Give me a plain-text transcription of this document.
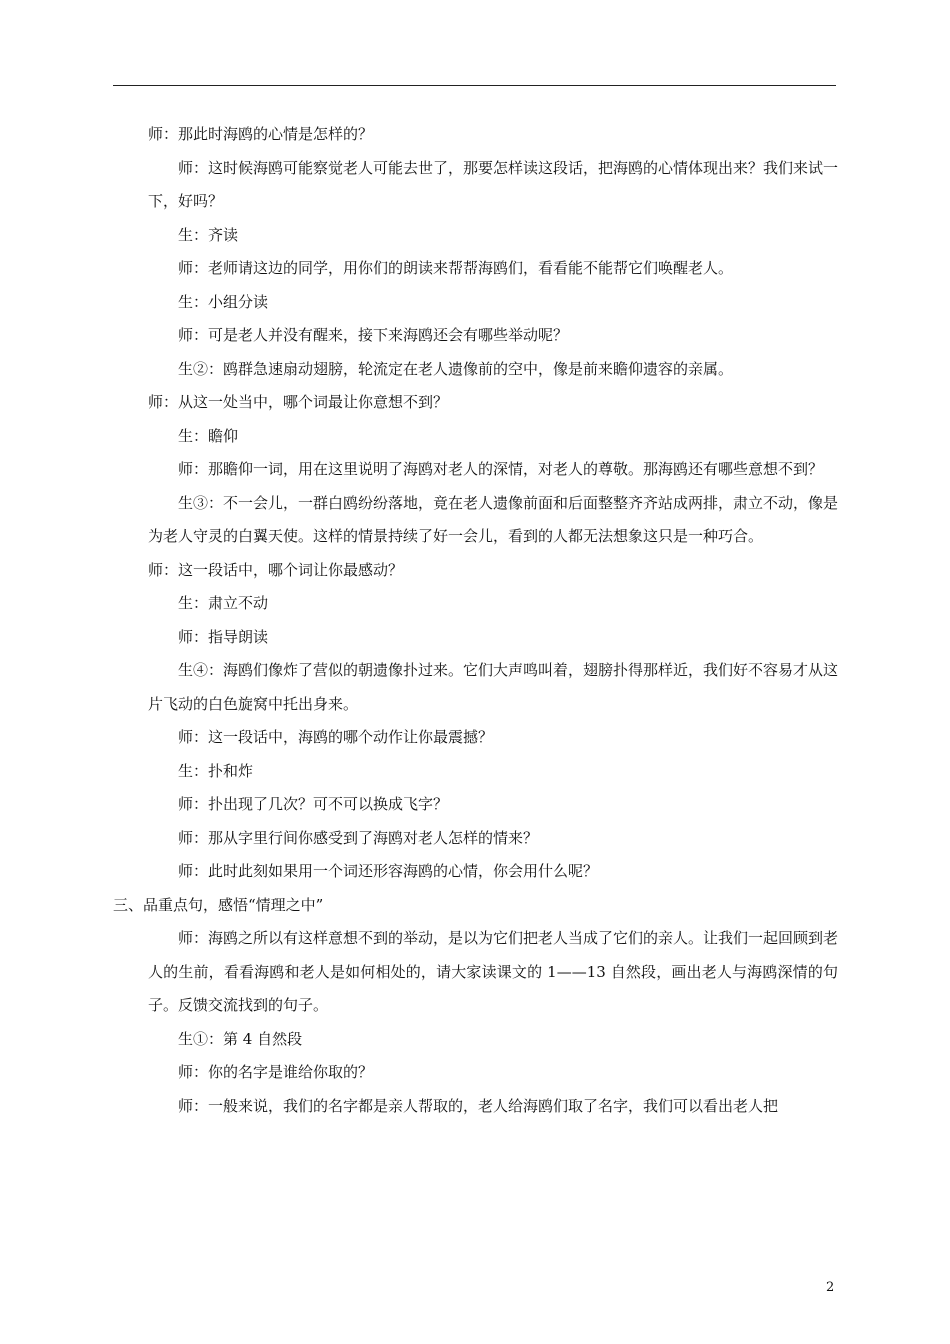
师：那此时海鸥的心情是怎样的？

师：这时候海鸥可能察觉老人可能去世了，那要怎样读这段话，把海鸥的心情体现出来？我们来试一下，好吗？

生：齐读

师：老师请这边的同学，用你们的朗读来帮帮海鸥们，看看能不能帮它们唤醒老人。

生：小组分读

师：可是老人并没有醒来，接下来海鸥还会有哪些举动呢？

生②：鸥群急速扇动翅膀，轮流定在老人遗像前的空中，像是前来瞻仰遗容的亲属。

师：从这一处当中，哪个词最让你意想不到？

生：瞻仰

师：那瞻仰一词，用在这里说明了海鸥对老人的深情，对老人的尊敬。那海鸥还有哪些意想不到？

生③：不一会儿，一群白鸥纷纷落地，竟在老人遗像前面和后面整整齐齐站成两排，肃立不动，像是为老人守灵的白翼天使。这样的情景持续了好一会儿，看到的人都无法想象这只是一种巧合。

师：这一段话中，哪个词让你最感动？

生：肃立不动

师：指导朗读

生④：海鸥们像炸了营似的朝遗像扑过来。它们大声鸣叫着，翅膀扑得那样近，我们好不容易才从这片飞动的白色旋窝中托出身来。

师：这一段话中，海鸥的哪个动作让你最震撼？

生：扑和炸

师：扑出现了几次？可不可以换成飞字？

师：那从字里行间你感受到了海鸥对老人怎样的情来？

师：此时此刻如果用一个词还形容海鸥的心情，你会用什么呢？

三、品重点句，感悟“情理之中”

师：海鸥之所以有这样意想不到的举动，是以为它们把老人当成了它们的亲人。让我们一起回顾到老人的生前，看看海鸥和老人是如何相处的，请大家读课文的 1——13 自然段，画出老人与海鸥深情的句子。反馈交流找到的句子。

生①：第 4 自然段

师：你的名字是谁给你取的？

师：一般来说，我们的名字都是亲人帮取的，老人给海鸥们取了名字，我们可以看出老人把

2
